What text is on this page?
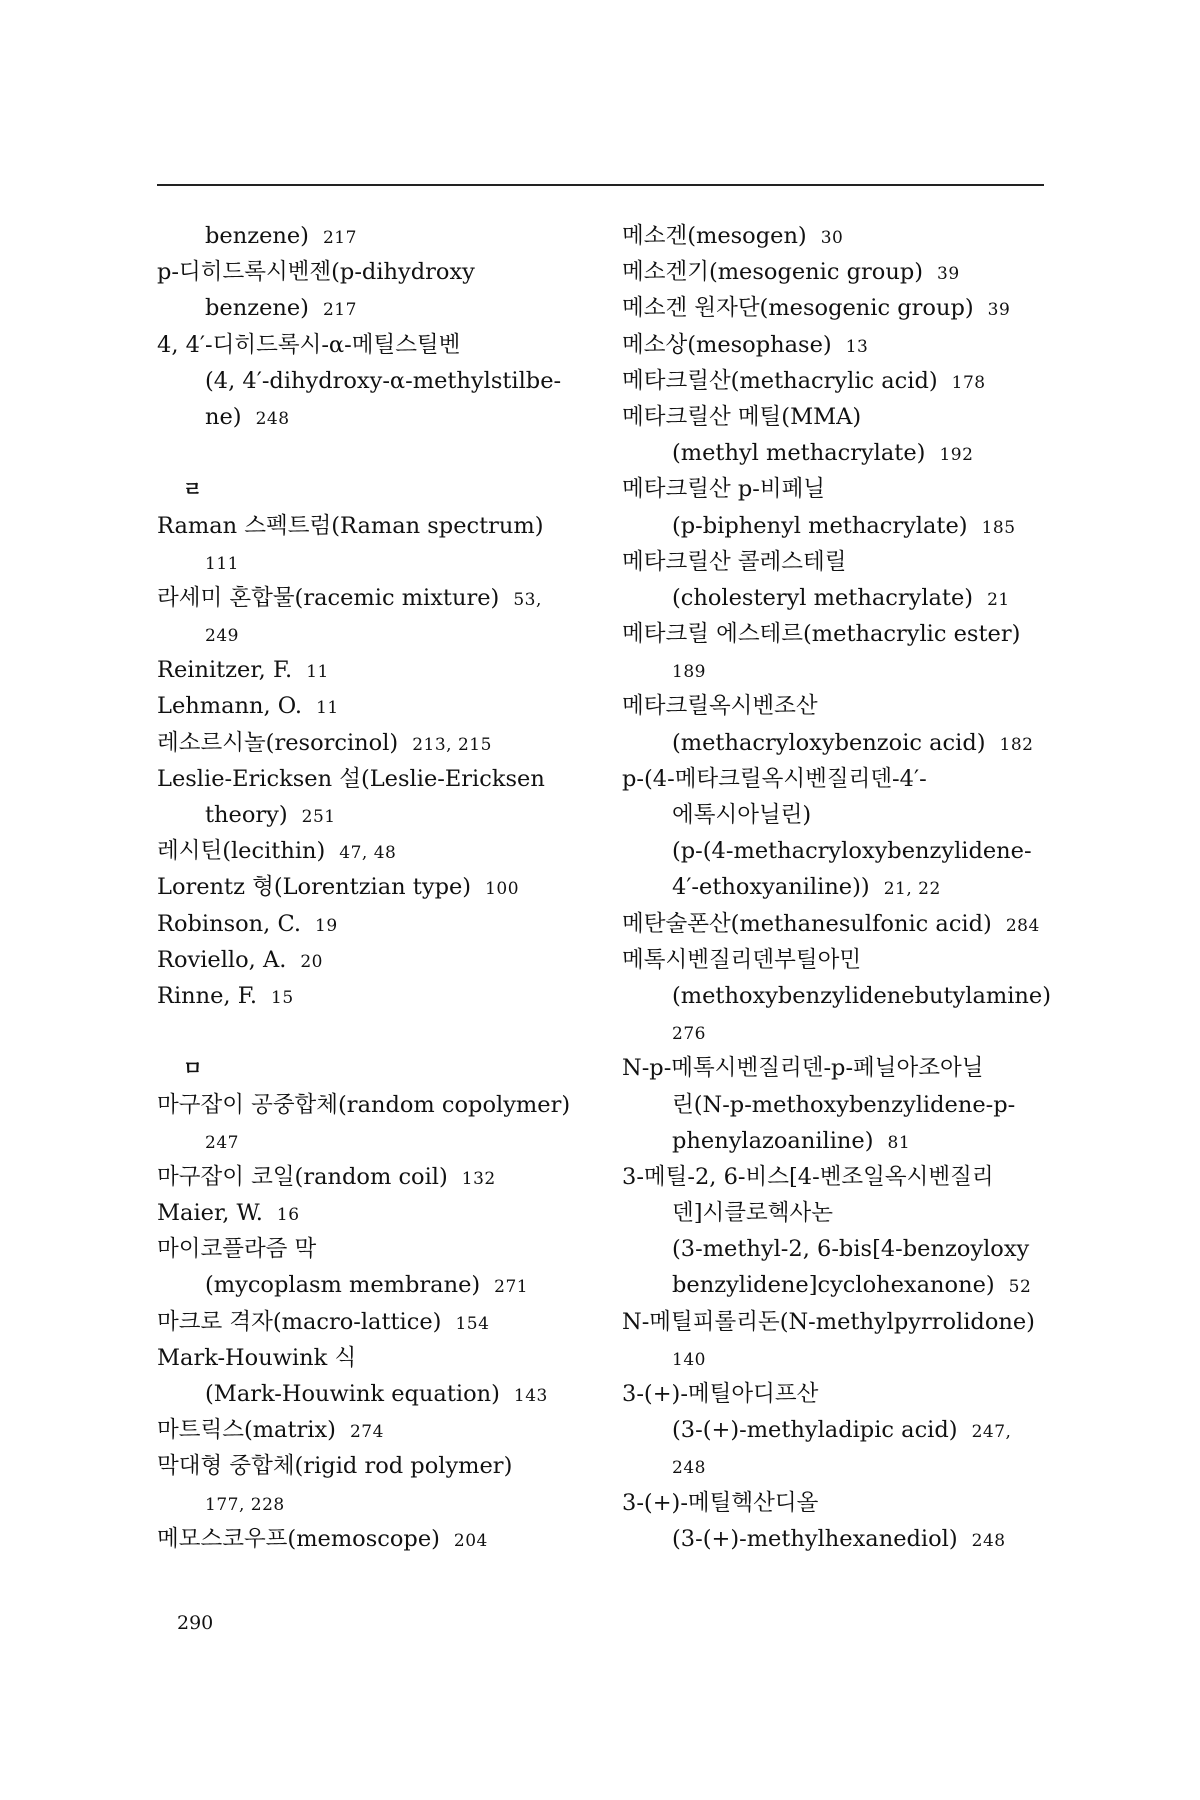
benzene) 217
p-디히드록시벤젠(p-dihydroxy
benzene) 217
4, 4′-디히드록시-α-메틸스틸벤
(4, 4′-dihydroxy-α-methylstilbe-
ne) 248
ㄹ
Raman 스펙트럼(Raman spectrum)
111
라세미 혼합물(racemic mixture) 53,
249
Reinitzer, F. 11
Lehmann, O. 11
레소르시놀(resorcinol) 213, 215
Leslie-Ericksen 설(Leslie-Ericksen
theory) 251
레시틴(lecithin) 47, 48
Lorentz 형(Lorentzian type) 100
Robinson, C. 19
Roviello, A. 20
Rinne, F. 15
ㅁ
마구잡이 공중합체(random copolymer)
247
마구잡이 코일(random coil) 132
Maier, W. 16
마이코플라즘 막
(mycoplasm membrane) 271
마크로 격자(macro-lattice) 154
Mark-Houwink 식
(Mark-Houwink equation) 143
마트릭스(matrix) 274
막대형 중합체(rigid rod polymer)
177, 228
메모스코우프(memoscope) 204
메소겐(mesogen) 30
메소겐기(mesogenic group) 39
메소겐 원자단(mesogenic group) 39
메소상(mesophase) 13
메타크릴산(methacrylic acid) 178
메타크릴산 메틸(MMA)
(methyl methacrylate) 192
메타크릴산 p-비페닐
(p-biphenyl methacrylate) 185
메타크릴산 콜레스테릴
(cholesteryl methacrylate) 21
메타크릴 에스테르(methacrylic ester)
189
메타크릴옥시벤조산
(methacryloxybenzoic acid) 182
p-(4-메타크릴옥시벤질리덴-4′-
에톡시아닐린)
(p-(4-methacryloxybenzylidene-
4′-ethoxyaniline)) 21, 22
메탄술폰산(methanesulfonic acid) 284
메톡시벤질리덴부틸아민
(methoxybenzylidenebutylamine)
276
N-p-메톡시벤질리덴-p-페닐아조아닐
린(N-p-methoxybenzylidene-p-
phenylazoaniline) 81
3-메틸-2, 6-비스[4-벤조일옥시벤질리
덴]시클로헥사논
(3-methyl-2, 6-bis[4-benzoyloxy
benzylidene]cyclohexanone) 52
N-메틸피롤리돈(N-methylpyrrolidone)
140
3-(+)-메틸아디프산
(3-(+)-methyladipic acid) 247,
248
3-(+)-메틸헥산디올
(3-(+)-methylhexanediol) 248
290
